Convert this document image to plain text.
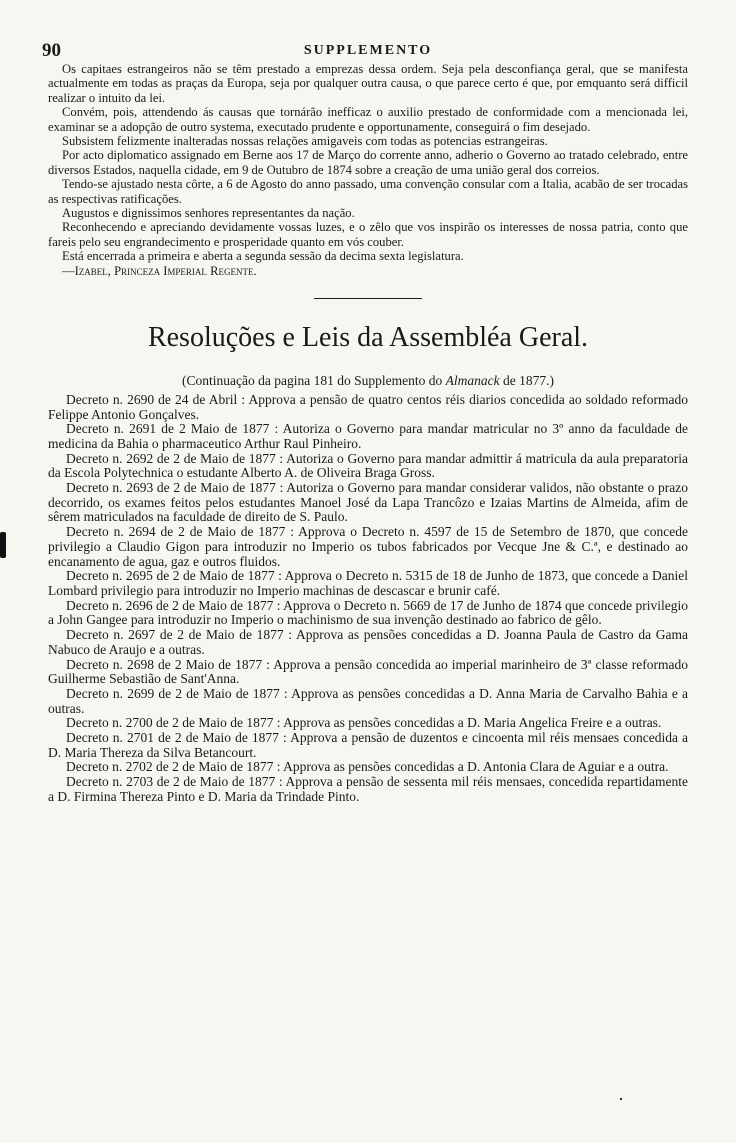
90	SUPPLEMENTO

Os capitaes estrangeiros não se têm prestado a emprezas dessa ordem. Seja pela desconfiança geral, que se manifesta actualmente em todas as praças da Europa, seja por qualquer outra causa, o que parece certo é que, por emquanto será difficil realizar o intuito da lei.

Convém, pois, attendendo ás causas que tornárão inefficaz o auxilio prestado de conformidade com a mencionada lei, examinar se a adopção de outro systema, executado prudente e opportunamente, conseguirá o fim desejado.

Subsistem felizmente inalteradas nossas relações amigaveis com todas as potencias estrangeiras.

Por acto diplomatico assignado em Berne aos 17 de Março do corrente anno, adherio o Governo ao tratado celebrado, entre diversos Estados, naquella cidade, em 9 de Outubro de 1874 sobre a creação de uma união geral dos correios.

Tendo-se ajustado nesta côrte, a 6 de Agosto do anno passado, uma convenção consular com a Italia, acabão de ser trocadas as respectivas ratificações.

Augustos e dignissimos senhores representantes da nação.

Reconhecendo e apreciando devidamente vossas luzes, e o zêlo que vos inspirão os interesses de nossa patria, conto que fareis pelo seu engrandecimento e prosperidade quanto em vós couber.

Está encerrada a primeira e aberta a segunda sessão da decima sexta legislatura.

—Izabel, Princeza Imperial Regente.

Resoluções e Leis da Assembléa Geral.
(Continuação da pagina 181 do Supplemento do Almanack de 1877.)

Decreto n. 2690 de 24 de Abril : Approva a pensão de quatro centos réis diarios concedida ao soldado reformado Felippe Antonio Gonçalves.

Decreto n. 2691 de 2 Maio de 1877 : Autoriza o Governo para mandar matricular no 3º anno da faculdade de medicina da Bahia o pharmaceutico Arthur Raul Pinheiro.

Decreto n. 2692 de 2 de Maio de 1877 : Autoriza o Governo para mandar admittir á matricula da aula preparatoria da Escola Polytechnica o estudante Alberto A. de Oliveira Braga Gross.

Decreto n. 2693 de 2 de Maio de 1877 : Autoriza o Governo para mandar considerar validos, não obstante o prazo decorrido, os exames feitos pelos estudantes Manoel José da Lapa Trancôzo e Izaias Martins de Almeida, afim de sêrem matriculados na faculdade de direito de S. Paulo.

Decreto n. 2694 de 2 de Maio de 1877 : Approva o Decreto n. 4597 de 15 de Setembro de 1870, que concede privilegio a Claudio Gigon para introduzir no Imperio os tubos fabricados por Vecque Jne & C.ª, e destinado ao encanamento de agua, gaz e outros fluidos.

Decreto n. 2695 de 2 de Maio de 1877 : Approva o Decreto n. 5315 de 18 de Junho de 1873, que concede a Daniel Lombard privilegio para introduzir no Imperio machinas de descascar e brunir café.

Decreto n. 2696 de 2 de Maio de 1877 : Approva o Decreto n. 5669 de 17 de Junho de 1874 que concede privilegio a John Gangee para introduzir no Imperio o machinismo de sua invenção destinado ao fabrico de gêlo.

Decreto n. 2697 de 2 de Maio de 1877 : Approva as pensões concedidas a D. Joanna Paula de Castro da Gama Nabuco de Araujo e a outras.

Decreto n. 2698 de 2 Maio de 1877 : Approva a pensão concedida ao imperial marinheiro de 3ª classe reformado Guilherme Sebastião de Sant'Anna.

Decreto n. 2699 de 2 de Maio de 1877 : Approva as pensões concedidas a D. Anna Maria de Carvalho Bahia e a outras.

Decreto n. 2700 de 2 de Maio de 1877 : Approva as pensões concedidas a D. Maria Angelica Freire e a outras.

Decreto n. 2701 de 2 de Maio de 1877 : Approva a pensão de duzentos e cincoenta mil réis mensaes concedida a D. Maria Thereza da Silva Betancourt.

Decreto n. 2702 de 2 de Maio de 1877 : Approva as pensões concedidas a D. Antonia Clara de Aguiar e a outra.

Decreto n. 2703 de 2 de Maio de 1877 : Approva a pensão de sessenta mil réis mensaes, concedida repartidamente a D. Firmina Thereza Pinto e D. Maria da Trindade Pinto.
